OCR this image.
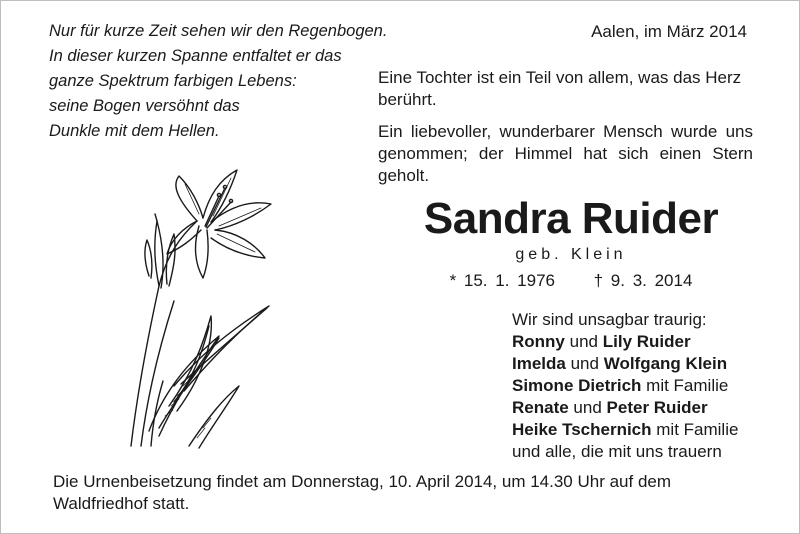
Nur für kurze Zeit sehen wir den Regenbogen.
In dieser kurzen Spanne entfaltet er das
ganze Spektrum farbigen Lebens:
seine Bogen versöhnt das
Dunkle mit dem Hellen.
Aalen, im März 2014
Eine Tochter ist ein Teil von allem, was das Herz berührt.
Ein liebevoller, wunderbarer Mensch wurde uns genommen; der Himmel hat sich einen Stern geholt.
Sandra Ruider
geb. Klein
* 15. 1. 1976 † 9. 3. 2014
Wir sind unsagbar traurig:
Ronny und Lily Ruider
Imelda und Wolfgang Klein
Simone Dietrich mit Familie
Renate und Peter Ruider
Heike Tschernich mit Familie
und alle, die mit uns trauern
Die Urnenbeisetzung findet am Donnerstag, 10. April 2014, um 14.30 Uhr auf dem Waldfriedhof statt.
